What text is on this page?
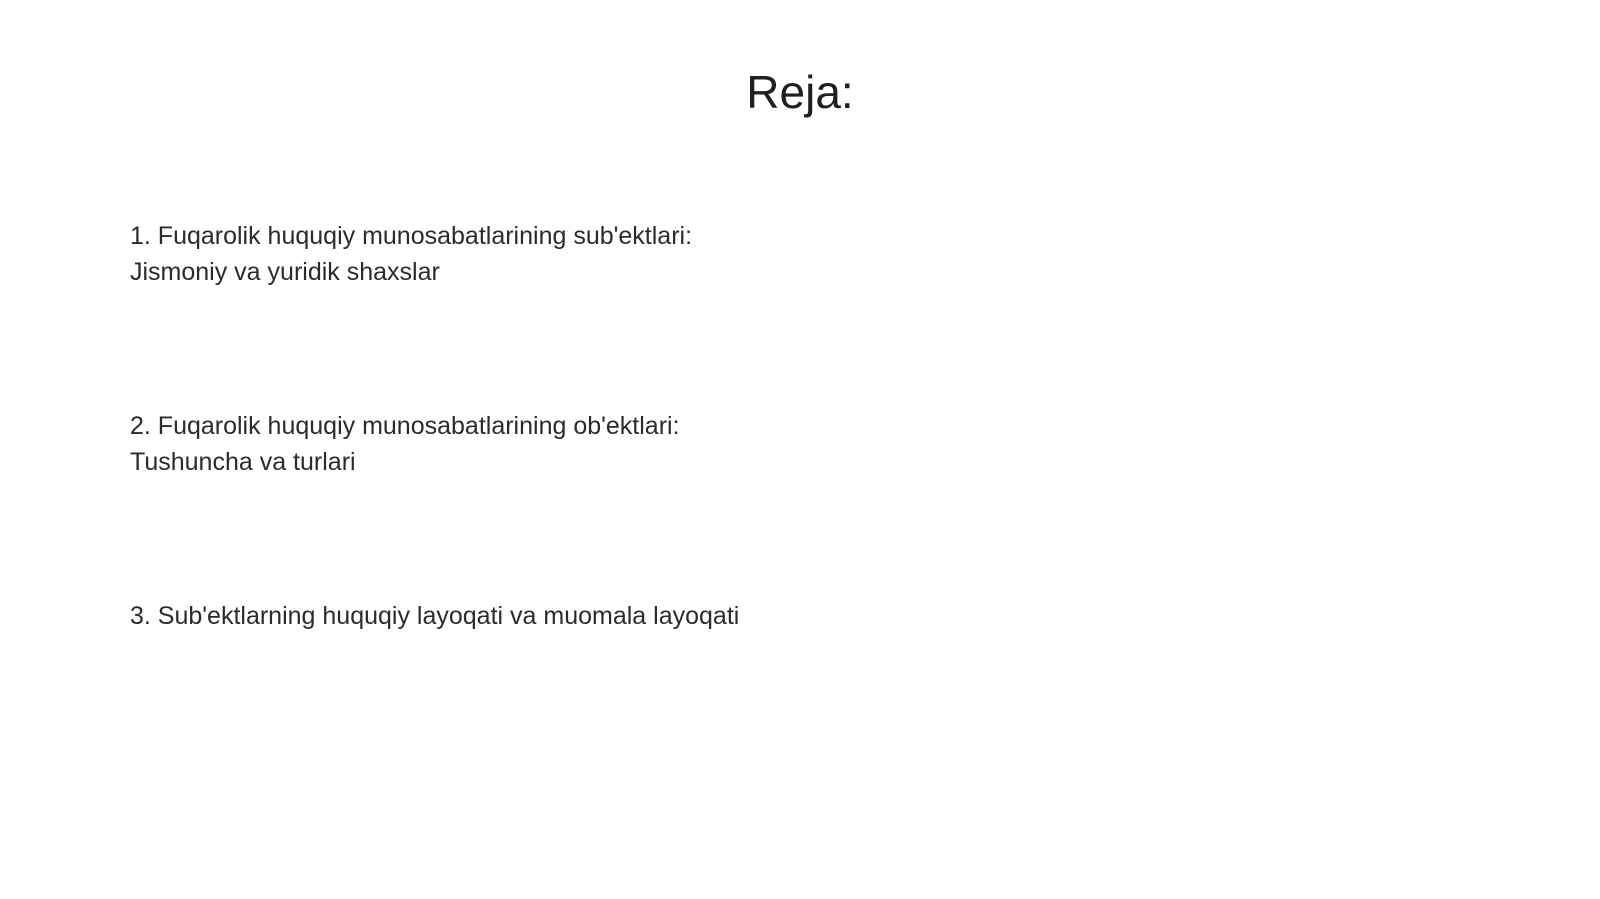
Reja:
1. Fuqarolik huquqiy munosabatlarining sub'ektlari:
Jismoniy va yuridik shaxslar
2. Fuqarolik huquqiy munosabatlarining ob'ektlari:
Tushuncha va turlari
3. Sub'ektlarning huquqiy layoqati va muomala layoqati
